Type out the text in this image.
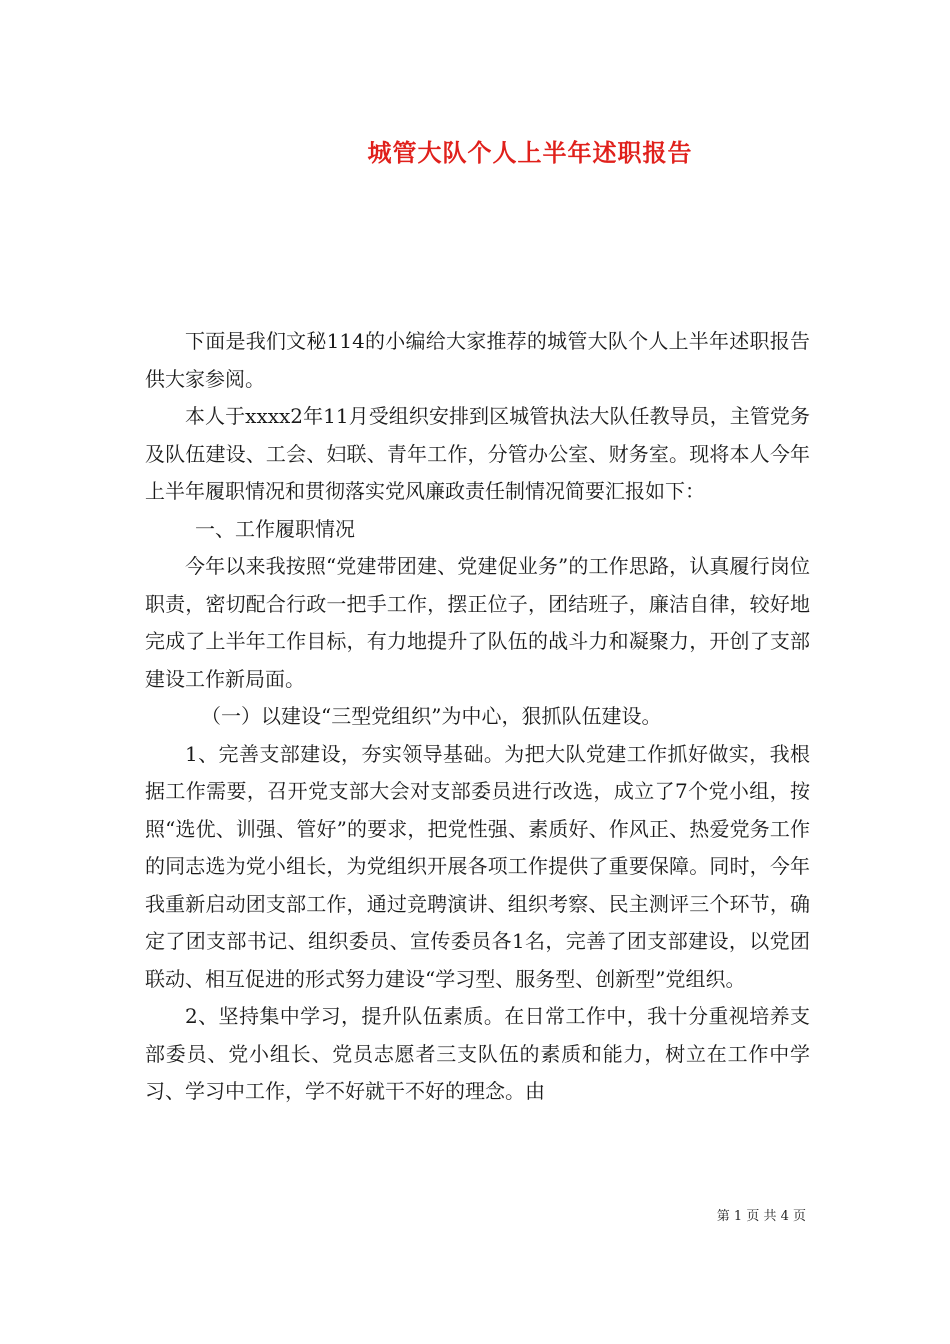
城管大队个人上半年述职报告

下面是我们文秘114的小编给大家推荐的城管大队个人上半年述职报告供大家参阅。

本人于xxxx2年11月受组织安排到区城管执法大队任教导员，主管党务及队伍建设、工会、妇联、青年工作，分管办公室、财务室。现将本人今年上半年履职情况和贯彻落实党风廉政责任制情况简要汇报如下：

一、工作履职情况

今年以来我按照“党建带团建、党建促业务”的工作思路，认真履行岗位职责，密切配合行政一把手工作，摆正位子，团结班子，廉洁自律，较好地完成了上半年工作目标，有力地提升了队伍的战斗力和凝聚力，开创了支部建设工作新局面。

（一）以建设“三型党组织”为中心，狠抓队伍建设。

1、完善支部建设，夯实领导基础。为把大队党建工作抓好做实，我根据工作需要，召开党支部大会对支部委员进行改选，成立了7个党小组，按照“选优、训强、管好”的要求，把党性强、素质好、作风正、热爱党务工作的同志选为党小组长，为党组织开展各项工作提供了重要保障。同时，今年我重新启动团支部工作，通过竞聘演讲、组织考察、民主测评三个环节，确定了团支部书记、组织委员、宣传委员各1名，完善了团支部建设，以党团联动、相互促进的形式努力建设“学习型、服务型、创新型”党组织。

2、坚持集中学习，提升队伍素质。在日常工作中，我十分重视培养支部委员、党小组长、党员志愿者三支队伍的素质和能力，树立在工作中学习、学习中工作，学不好就干不好的理念。由

第 1 页 共 4 页
